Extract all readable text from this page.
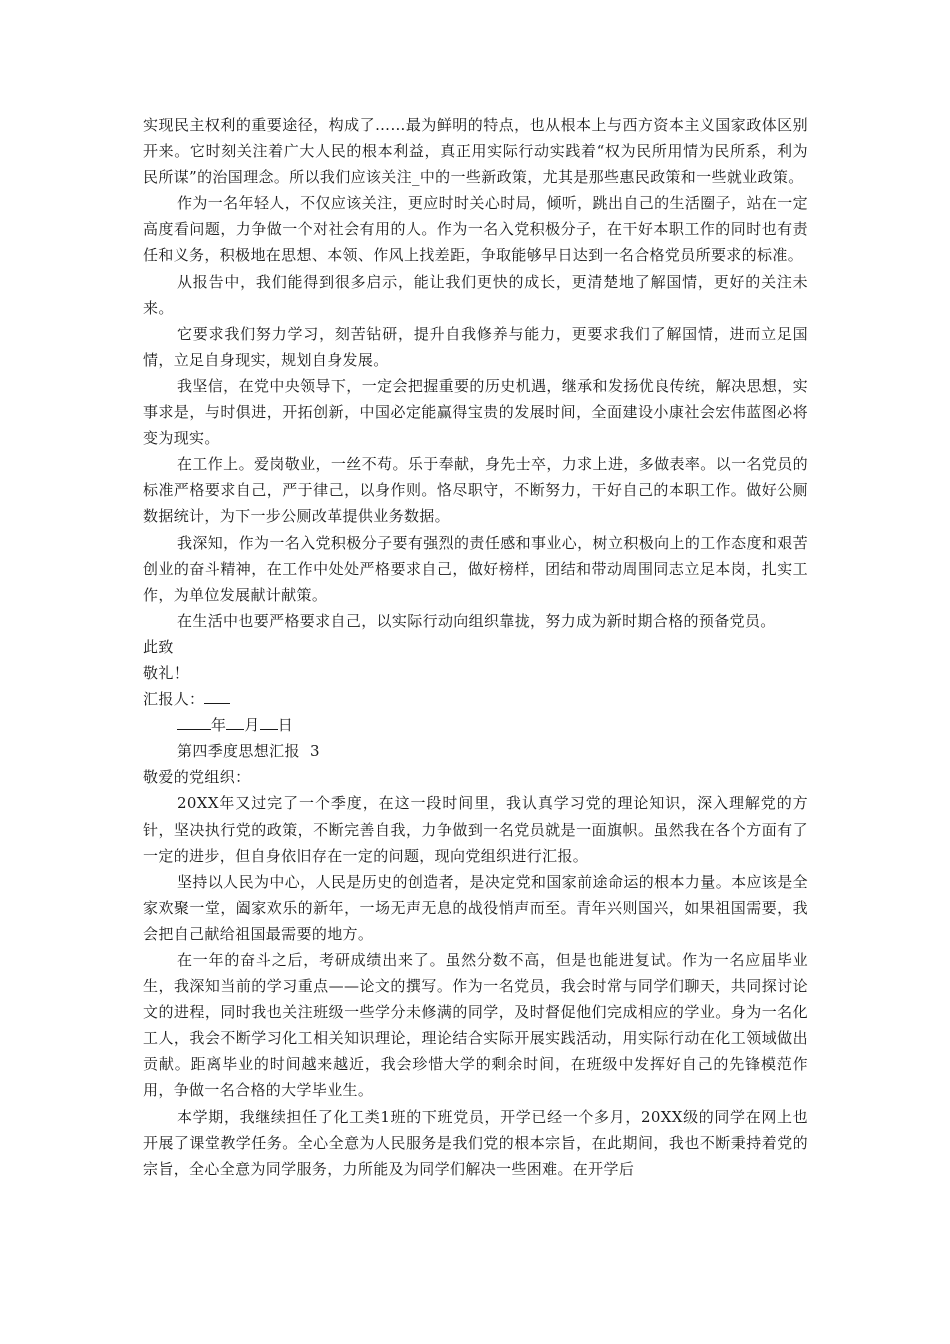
实现民主权利的重要途径，构成了……最为鲜明的特点，也从根本上与西方资本主义国家政体区别开来。它时刻关注着广大人民的根本利益，真正用实际行动实践着“权为民所用情为民所系，利为民所谋”的治国理念。所以我们应该关注_中的一些新政策，尤其是那些惠民政策和一些就业政策。

作为一名年轻人，不仅应该关注，更应时时关心时局，倾听，跳出自己的生活圈子，站在一定高度看问题，力争做一个对社会有用的人。作为一名入党积极分子，在干好本职工作的同时也有责任和义务，积极地在思想、本领、作风上找差距，争取能够早日达到一名合格党员所要求的标准。

从报告中，我们能得到很多启示，能让我们更快的成长，更清楚地了解国情，更好的关注未来。

它要求我们努力学习，刻苦钻研，提升自我修养与能力，更要求我们了解国情，进而立足国情，立足自身现实，规划自身发展。

我坚信，在党中央领导下，一定会把握重要的历史机遇，继承和发扬优良传统，解决思想，实事求是，与时俱进，开拓创新，中国必定能赢得宝贵的发展时间，全面建设小康社会宏伟蓝图必将变为现实。

在工作上。爱岗敬业，一丝不苟。乐于奉献，身先士卒，力求上进，多做表率。以一名党员的标准严格要求自己，严于律己，以身作则。恪尽职守，不断努力，干好自己的本职工作。做好公厕数据统计，为下一步公厕改革提供业务数据。

我深知，作为一名入党积极分子要有强烈的责任感和事业心，树立积极向上的工作态度和艰苦创业的奋斗精神，在工作中处处严格要求自己，做好榜样，团结和带动周围同志立足本岗，扎实工作，为单位发展献计献策。

在生活中也要严格要求自己，以实际行动向组织靠拢，努力成为新时期合格的预备党员。

此致

敬礼！

汇报人：

年 月 日

第四季度思想汇报  3

敬爱的党组织：

20XX年又过完了一个季度，在这一段时间里，我认真学习党的理论知识，深入理解党的方针，坚决执行党的政策，不断完善自我，力争做到一名党员就是一面旗帜。虽然我在各个方面有了一定的进步，但自身依旧存在一定的问题，现向党组织进行汇报。

坚持以人民为中心，人民是历史的创造者，是决定党和国家前途命运的根本力量。本应该是全家欢聚一堂，阖家欢乐的新年，一场无声无息的战役悄声而至。青年兴则国兴，如果祖国需要，我会把自己献给祖国最需要的地方。

在一年的奋斗之后，考研成绩出来了。虽然分数不高，但是也能进复试。作为一名应届毕业生，我深知当前的学习重点——论文的撰写。作为一名党员，我会时常与同学们聊天，共同探讨论文的进程，同时我也关注班级一些学分未修满的同学，及时督促他们完成相应的学业。身为一名化工人，我会不断学习化工相关知识理论，理论结合实际开展实践活动，用实际行动在化工领域做出贡献。距离毕业的时间越来越近，我会珍惜大学的剩余时间，在班级中发挥好自己的先锋模范作用，争做一名合格的大学毕业生。

本学期，我继续担任了化工类1班的下班党员，开学已经一个多月，20XX级的同学在网上也开展了课堂教学任务。全心全意为人民服务是我们党的根本宗旨，在此期间，我也不断秉持着党的宗旨，全心全意为同学服务，力所能及为同学们解决一些困难。在开学后
